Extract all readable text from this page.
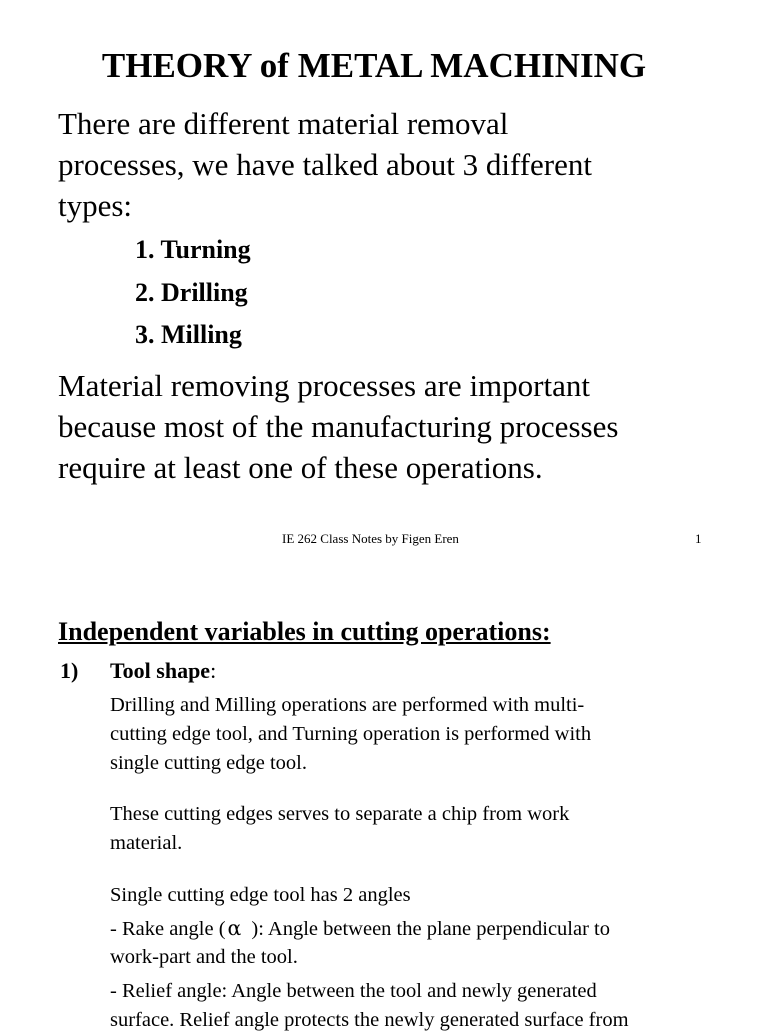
THEORY of METAL MACHINING
There are different material removal
processes, we have talked about 3 different
types:
1. Turning
2. Drilling
3. Milling
Material removing processes are important
because most of the manufacturing processes
require at least one of these operations.
IE 262 Class Notes by Figen Eren	1
Independent variables in cutting operations:
1) Tool shape:
Drilling and Milling operations are performed with multi-
cutting edge tool, and Turning operation is performed with
single cutting edge tool.
These cutting edges serves to separate a chip from work
material.
Single cutting edge tool has 2 angles
- Rake angle (α ): Angle between the plane perpendicular to
work-part and the tool.
- Relief angle: Angle between the tool and newly generated
surface. Relief angle protects the newly generated surface from
